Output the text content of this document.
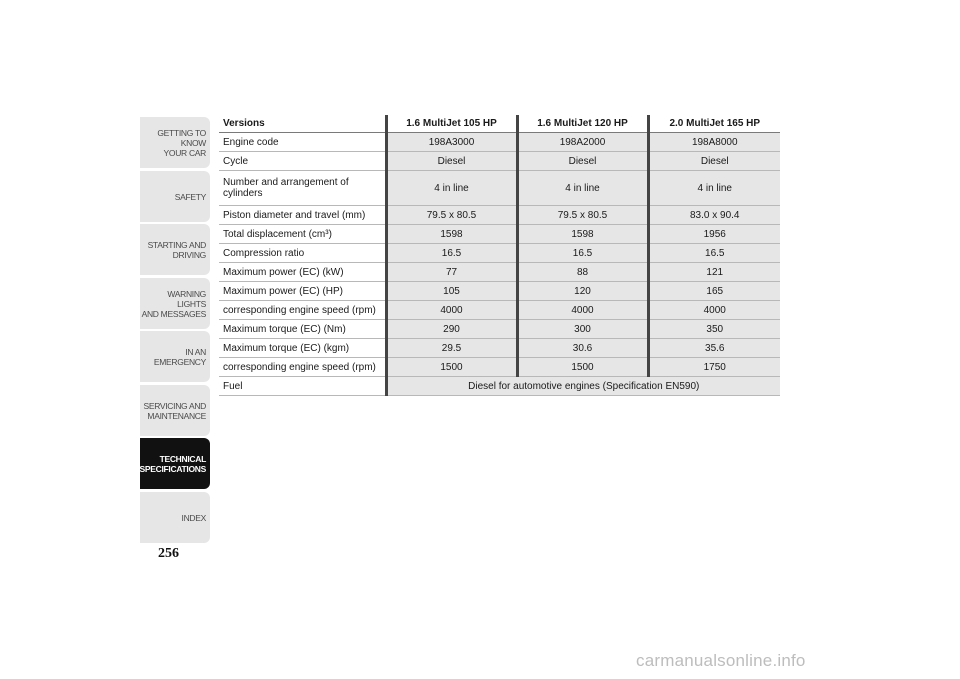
GETTING TO KNOW
YOUR CAR
SAFETY
STARTING AND
DRIVING
WARNING LIGHTS
AND MESSAGES
IN AN EMERGENCY
SERVICING AND
MAINTENANCE
TECHNICAL
SPECIFICATIONS
INDEX
256
Versions	1.6 MultiJet 105 HP	1.6 MultiJet 120 HP	2.0 MultiJet 165 HP
Engine code	198A3000	198A2000	198A8000
Cycle	Diesel	Diesel	Diesel
Number and arrangement of cylinders	4 in line	4 in line	4 in line
Piston diameter and travel (mm)	79.5 x 80.5	79.5 x 80.5	83.0 x 90.4
Total displacement (cm³)	1598	1598	1956
Compression ratio	16.5	16.5	16.5
Maximum power (EC) (kW)	77	88	121
Maximum power (EC) (HP)	105	120	165
corresponding engine speed (rpm)	4000	4000	4000
Maximum torque (EC) (Nm)	290	300	350
Maximum torque (EC) (kgm)	29.5	30.6	35.6
corresponding engine speed (rpm)	1500	1500	1750
Fuel	Diesel for automotive engines (Specification EN590)		
carmanualsonline.info
